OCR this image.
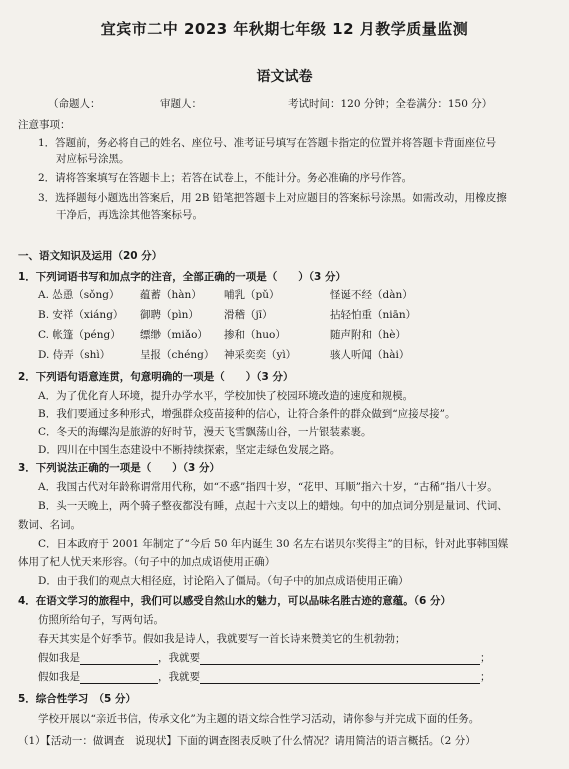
宜宾市二中 2023 年秋期七年级 12 月教学质量监测
语文试卷
（命题人：	审题人：	考试时间：120 分钟；全卷满分：150 分）
注意事项：
1．答题前，务必将自己的姓名、座位号、准考证号填写在答题卡指定的位置并将答题卡背面座位号
对应标号涂黑。
2．请将答案填写在答题卡上；若答在试卷上，不能计分。务必准确的序号作答。
3．选择题每小题选出答案后，用 2B 铅笔把答题卡上对应题目的答案标号涂黑。如需改动，用橡皮擦
干净后，再选涂其他答案标号。
一、语文知识及运用（20 分）
1．下列词语书写和加点字的注音，全部正确的一项是（　　）（3 分）
A. 怂恿（sǒng） 蕴蓄（hàn） 哺乳（pǔ）	怪诞不经（dàn）
B. 安祥（xiáng） 御聘（pìn） 滑稽（jī）	拈轻怕重（niān）
C. 帐篷（péng） 缥缈（miǎo） 掺和（huo）	随声附和（hè）
D. 侍弄（shì）	呈报（chéng） 神采奕奕（yì）	骇人听闻（hài）
2．下列语句语意连贯，句意明确的一项是（　　）（3 分）
A．为了优化育人环境，提升办学水平，学校加快了校园环境改造的速度和规模。
B．我们要通过多种形式，增强群众疫苗接种的信心，让符合条件的群众做到“应接尽接”。
C．冬天的海螺沟是旅游的好时节，漫天飞雪飘荡山谷，一片银装素裹。
D．四川在中国生态建设中不断持续探索，坚定走绿色发展之路。
3．下列说法正确的一项是（　　）（3 分）
A．我国古代对年龄称谓常用代称，如“不惑”指四十岁，“花甲、耳顺”指六十岁，“古稀”指八十岁。
B．头一天晚上，两个骑子整夜都没有睡，点起十六支以上的蜡烛。句中的加点词分别是量词、代词、
数词、名词。
C．日本政府于 2001 年制定了“今后 50 年内诞生 30 名左右诺贝尔奖得主”的目标，针对此事韩国媒
体用了杞人忧天来形容。（句子中的加点成语使用正确）
D．由于我们的观点大相径庭，讨论陷入了僵局。（句子中的加点成语使用正确）
4．在语文学习的旅程中，我们可以感受自然山水的魅力，可以品味名胜古迹的意蕴。（6 分）
仿照所给句子，写两句话。
春天其实是个好季节。假如我是诗人，我就要写一首长诗来赞美它的生机勃勃；
假如我是	，我就要	；
假如我是	，我就要	；
5．综合性学习　（5 分）
学校开展以“亲近书信，传承文化”为主题的语文综合性学习活动，请你参与并完成下面的任务。
（1）【活动一：做调查　说现状】下面的调查图表反映了什么情况？请用简洁的语言概括。（2 分）
